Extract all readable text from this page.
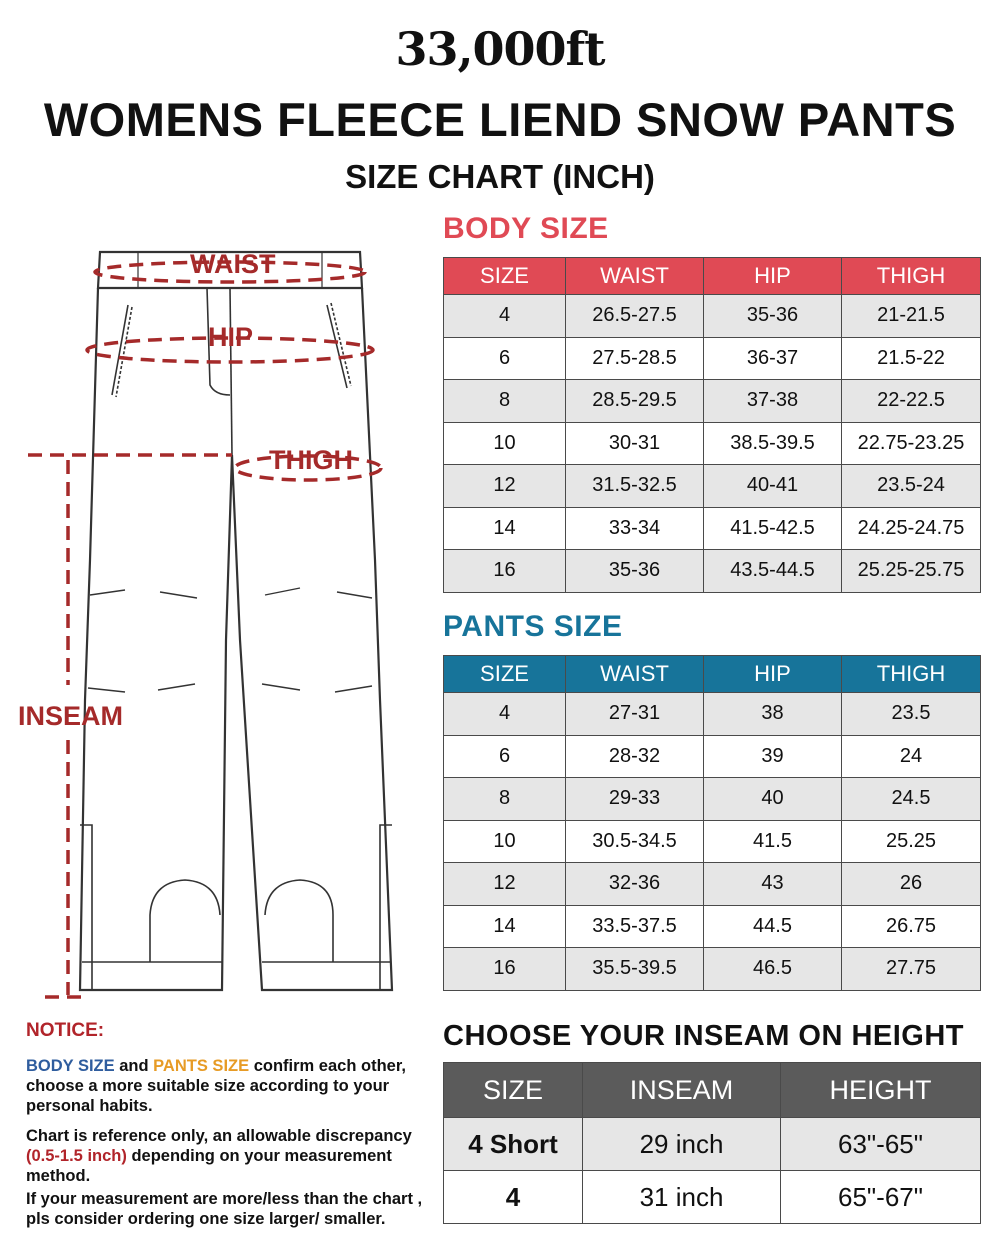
33,000ft
WOMENS FLEECE LIEND SNOW PANTS
SIZE CHART (INCH)
WAIST
HIP
THIGH
INSEAM
BODY SIZE
SIZE	WAIST	HIP	THIGH
4	26.5-27.5	35-36	21-21.5
6	27.5-28.5	36-37	21.5-22
8	28.5-29.5	37-38	22-22.5
10	30-31	38.5-39.5	22.75-23.25
12	31.5-32.5	40-41	23.5-24
14	33-34	41.5-42.5	24.25-24.75
16	35-36	43.5-44.5	25.25-25.75
PANTS SIZE
SIZE	WAIST	HIP	THIGH
4	27-31	38	23.5
6	28-32	39	24
8	29-33	40	24.5
10	30.5-34.5	41.5	25.25
12	32-36	43	26
14	33.5-37.5	44.5	26.75
16	35.5-39.5	46.5	27.75
CHOOSE YOUR INSEAM ON HEIGHT
SIZE	INSEAM	HEIGHT
4 Short	29 inch	63"-65"
4	31 inch	65"-67"
NOTICE:
BODY SIZE and PANTS SIZE confirm each other, choose a more suitable size according to your personal habits.
Chart is reference only, an allowable discrepancy (0.5-1.5 inch) depending on your measurement method.
If your measurement are more/less than the chart , pls consider ordering one size larger/ smaller.
